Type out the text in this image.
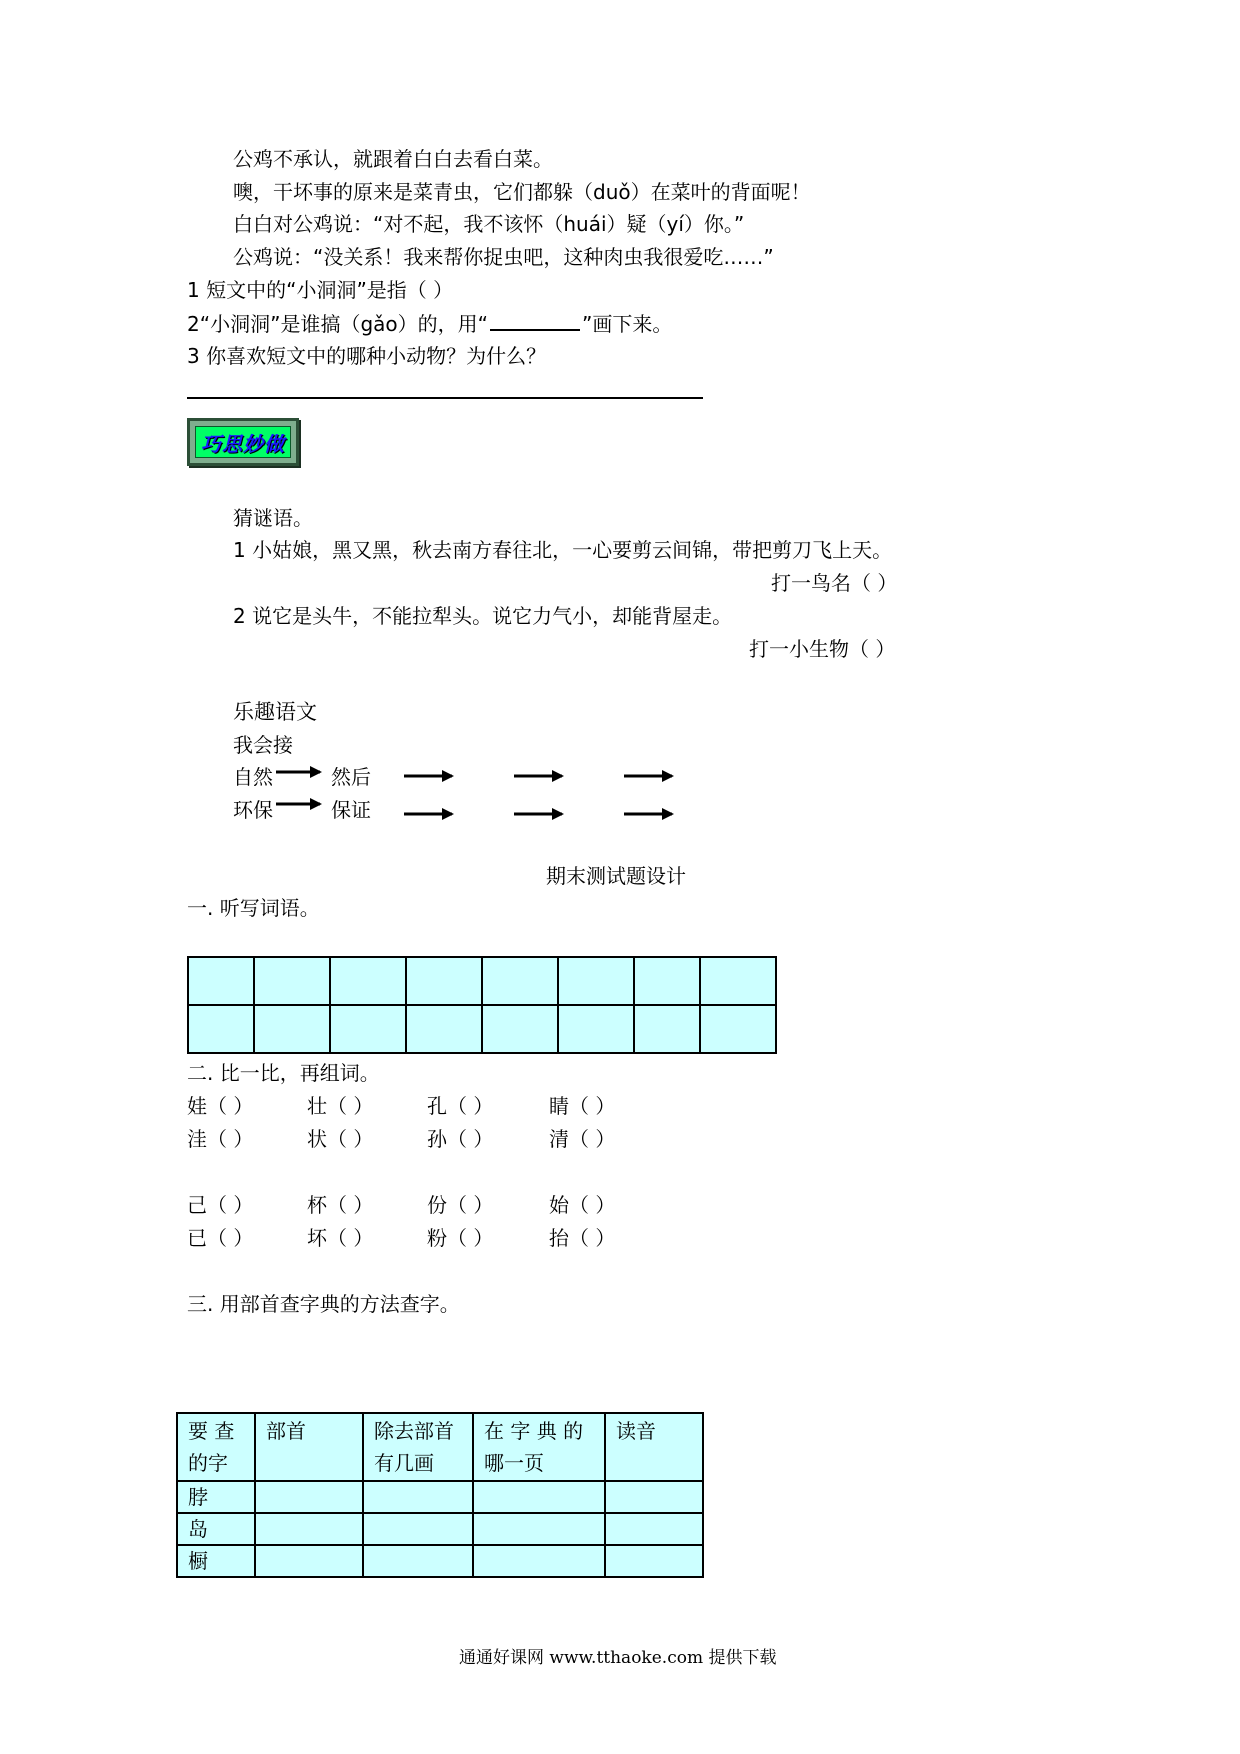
公鸡不承认，就跟着白白去看白菜。
噢，干坏事的原来是菜青虫，它们都躲（duǒ）在菜叶的背面呢！
白白对公鸡说：“对不起，我不该怀（huái）疑（yí）你。”
公鸡说：“没关系！我来帮你捉虫吧，这种肉虫我很爱吃……”
1 短文中的“小洞洞”是指（ ）
2“小洞洞”是谁搞（gǎo）的，用“	”画下来。
3 你喜欢短文中的哪种小动物？为什么？
巧思妙做
猜谜语。
1 小姑娘，黑又黑，秋去南方春往北，一心要剪云间锦，带把剪刀飞上天。
打一鸟名（ ）
2 说它是头牛，不能拉犁头。说它力气小，却能背屋走。
打一小生物（ ）
乐趣语文
我会接
自然	然后
环保	保证
期末测试题设计
一. 听写词语。

二. 比一比，再组词。
娃（ ）	壮（ ）	孔（ ）	睛（ ）
洼（ ）	状（ ）	孙（ ）	清（ ）
己（ ）	杯（ ）	份（ ）	始（ ）
已（ ）	坏（ ）	粉（ ）	抬（ ）
三. 用部首查字典的方法查字。
要 查 的字	部首	除去部首有几画	在 字 典 的 哪一页	读音
脖				
岛				
橱				
通通好课网 www.tthaoke.com 提供下载
